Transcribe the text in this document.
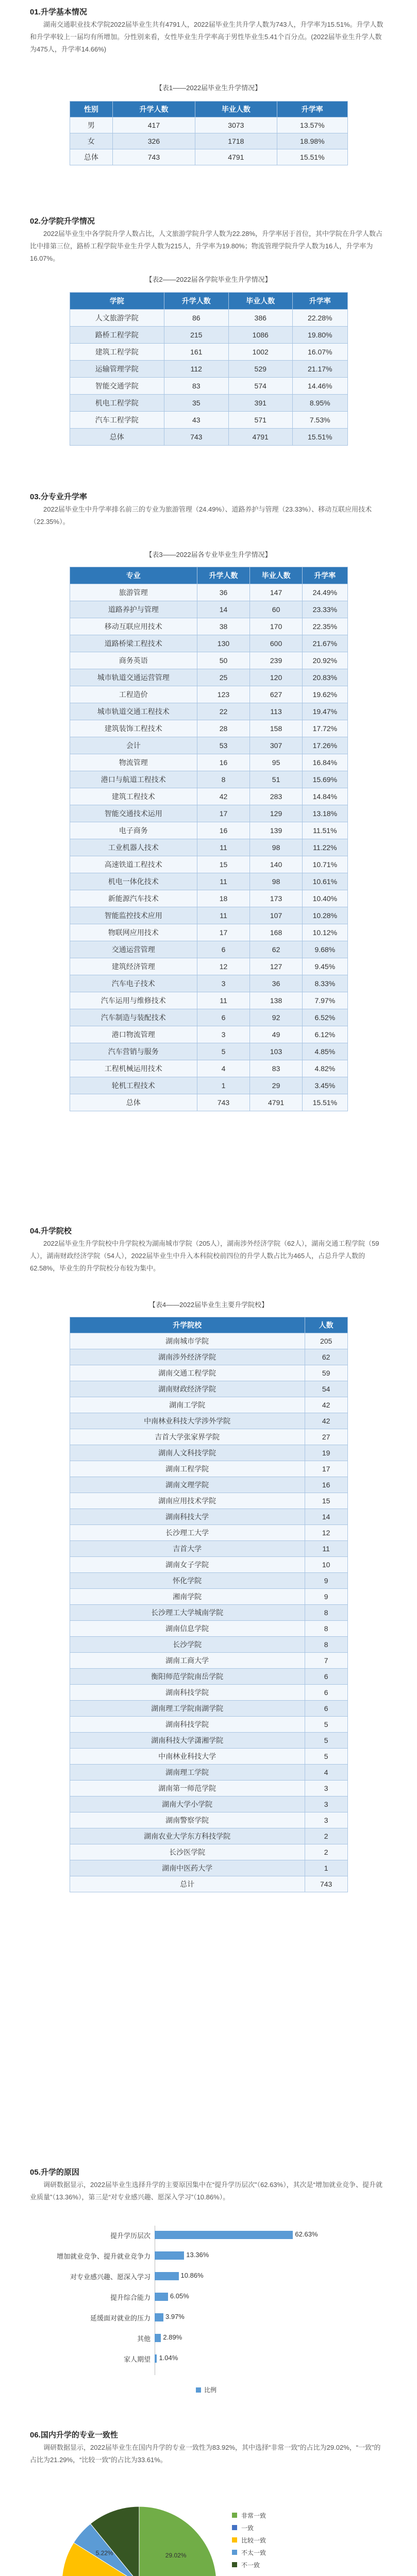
01.升学基本情况

湖南交通职业技术学院2022届毕业生共有4791人，2022届毕业生共升学人数为743人，升学率为15.51%。升学人数和升学率较上一届均有所增加。分性别来看，女性毕业生升学率高于男性毕业生5.41个百分点。(2022届毕业生升学人数为475人，升学率14.66%)

【表1——2022届毕业生升学情况】
性别	升学人数	毕业人数	升学率
男	417	3073	13.57%
女	326	1718	18.98%
总体	743	4791	15.51%

02.分学院升学情况

2022届毕业生中各学院升学人数占比，人文旅游学院升学人数为22.28%，升学率居于首位，其中学院在升学人数占比中排第三位，路桥工程学院毕业生升学人数为215人，升学率为19.80%；物流管理学院升学人数为16人，升学率为16.07%。

【表2——2022届各学院毕业生升学情况】
学院	升学人数	毕业人数	升学率
人文旅游学院	86	386	22.28%
路桥工程学院	215	1086	19.80%
建筑工程学院	161	1002	16.07%
运输管理学院	112	529	21.17%
智能交通学院	83	574	14.46%
机电工程学院	35	391	8.95%
汽车工程学院	43	571	7.53%
总体	743	4791	15.51%

03.分专业升学率

2022届毕业生中升学率排名前三的专业为旅游管理（24.49%）、道路养护与管理（23.33%）、移动互联应用技术（22.35%）。

【表3——2022届各专业毕业生升学情况】
专业	升学人数	毕业人数	升学率
旅游管理	36	147	24.49%
道路养护与管理	14	60	23.33%
移动互联应用技术	38	170	22.35%
道路桥梁工程技术	130	600	21.67%
商务英语	50	239	20.92%
城市轨道交通运营管理	25	120	20.83%
工程造价	123	627	19.62%
城市轨道交通工程技术	22	113	19.47%
建筑装饰工程技术	28	158	17.72%
会计	53	307	17.26%
物流管理	16	95	16.84%
港口与航道工程技术	8	51	15.69%
建筑工程技术	42	283	14.84%
智能交通技术运用	17	129	13.18%
电子商务	16	139	11.51%
工业机器人技术	11	98	11.22%
高速铁道工程技术	15	140	10.71%
机电一体化技术	11	98	10.61%
新能源汽车技术	18	173	10.40%
智能监控技术应用	11	107	10.28%
物联网应用技术	17	168	10.12%
交通运营管理	6	62	9.68%
建筑经济管理	12	127	9.45%
汽车电子技术	3	36	8.33%
汽车运用与维修技术	11	138	7.97%
汽车制造与装配技术	6	92	6.52%
港口物流管理	3	49	6.12%
汽车营销与服务	5	103	4.85%
工程机械运用技术	4	83	4.82%
轮机工程技术	1	29	3.45%
总体	743	4791	15.51%

04.升学院校

2022届毕业生升学院校中升学院校为湖南城市学院（205人），湖南涉外经济学院（62人），湖南交通工程学院（59人），湖南财政经济学院（54人），2022届毕业生中升入本科院校前四位的升学人数占比为465人，占总升学人数的62.58%，毕业生的升学院校分布较为集中。

【表4——2022届毕业生主要升学院校】
升学院校	人数
湖南城市学院	205
湖南涉外经济学院	62
湖南交通工程学院	59
湖南财政经济学院	54
湖南工学院	42
中南林业科技大学涉外学院	42
吉首大学张家界学院	27
湖南人文科技学院	19
湖南工程学院	17
湖南文理学院	16
湖南应用技术学院	15
湖南科技大学	14
长沙理工大学	12
吉首大学	11
湖南女子学院	10
怀化学院	9
湘南学院	9
长沙理工大学城南学院	8
湖南信息学院	8
长沙学院	8
湖南工商大学	7
衡阳师范学院南岳学院	6
湖南科技学院	6
湖南理工学院南湖学院	6
湖南科技学院	5
湖南科技大学潇湘学院	5
中南林业科技大学	5
湖南理工学院	4
湖南第一师范学院	3
湖南大学小学院	3
湖南警察学院	3
湖南农业大学东方科技学院	2
长沙医学院	2
湖南中医药大学	1
总计	743

05.升学的原因

调研数据显示，2022届毕业生选择升学的主要原因集中在“提升学历层次”（62.63%），其次是“增加就业竞争、提升就业质量”（13.36%），第三是“对专业感兴趣、愿深入学习”（10.86%）。

比例
提升学历层次	62.63%
增加就业竞争、提升就业竞争力	13.36%
对专业感兴趣、愿深入学习	10.86%
提升综合能力	6.05%
延缓面对就业的压力 3.97%
其他 2.89%
家人期望 1.04%

06.国内升学的专业一致性

调研数据显示，2022届毕业生在国内升学的专业一致性为83.92%，其中选择“非常一致”的占比为29.02%，“一致”的占比为21.29%，“比较一致”的占比为33.61%。

29.02%
5.22%
非常一致
一致
比较一致
不太一致
不一致
